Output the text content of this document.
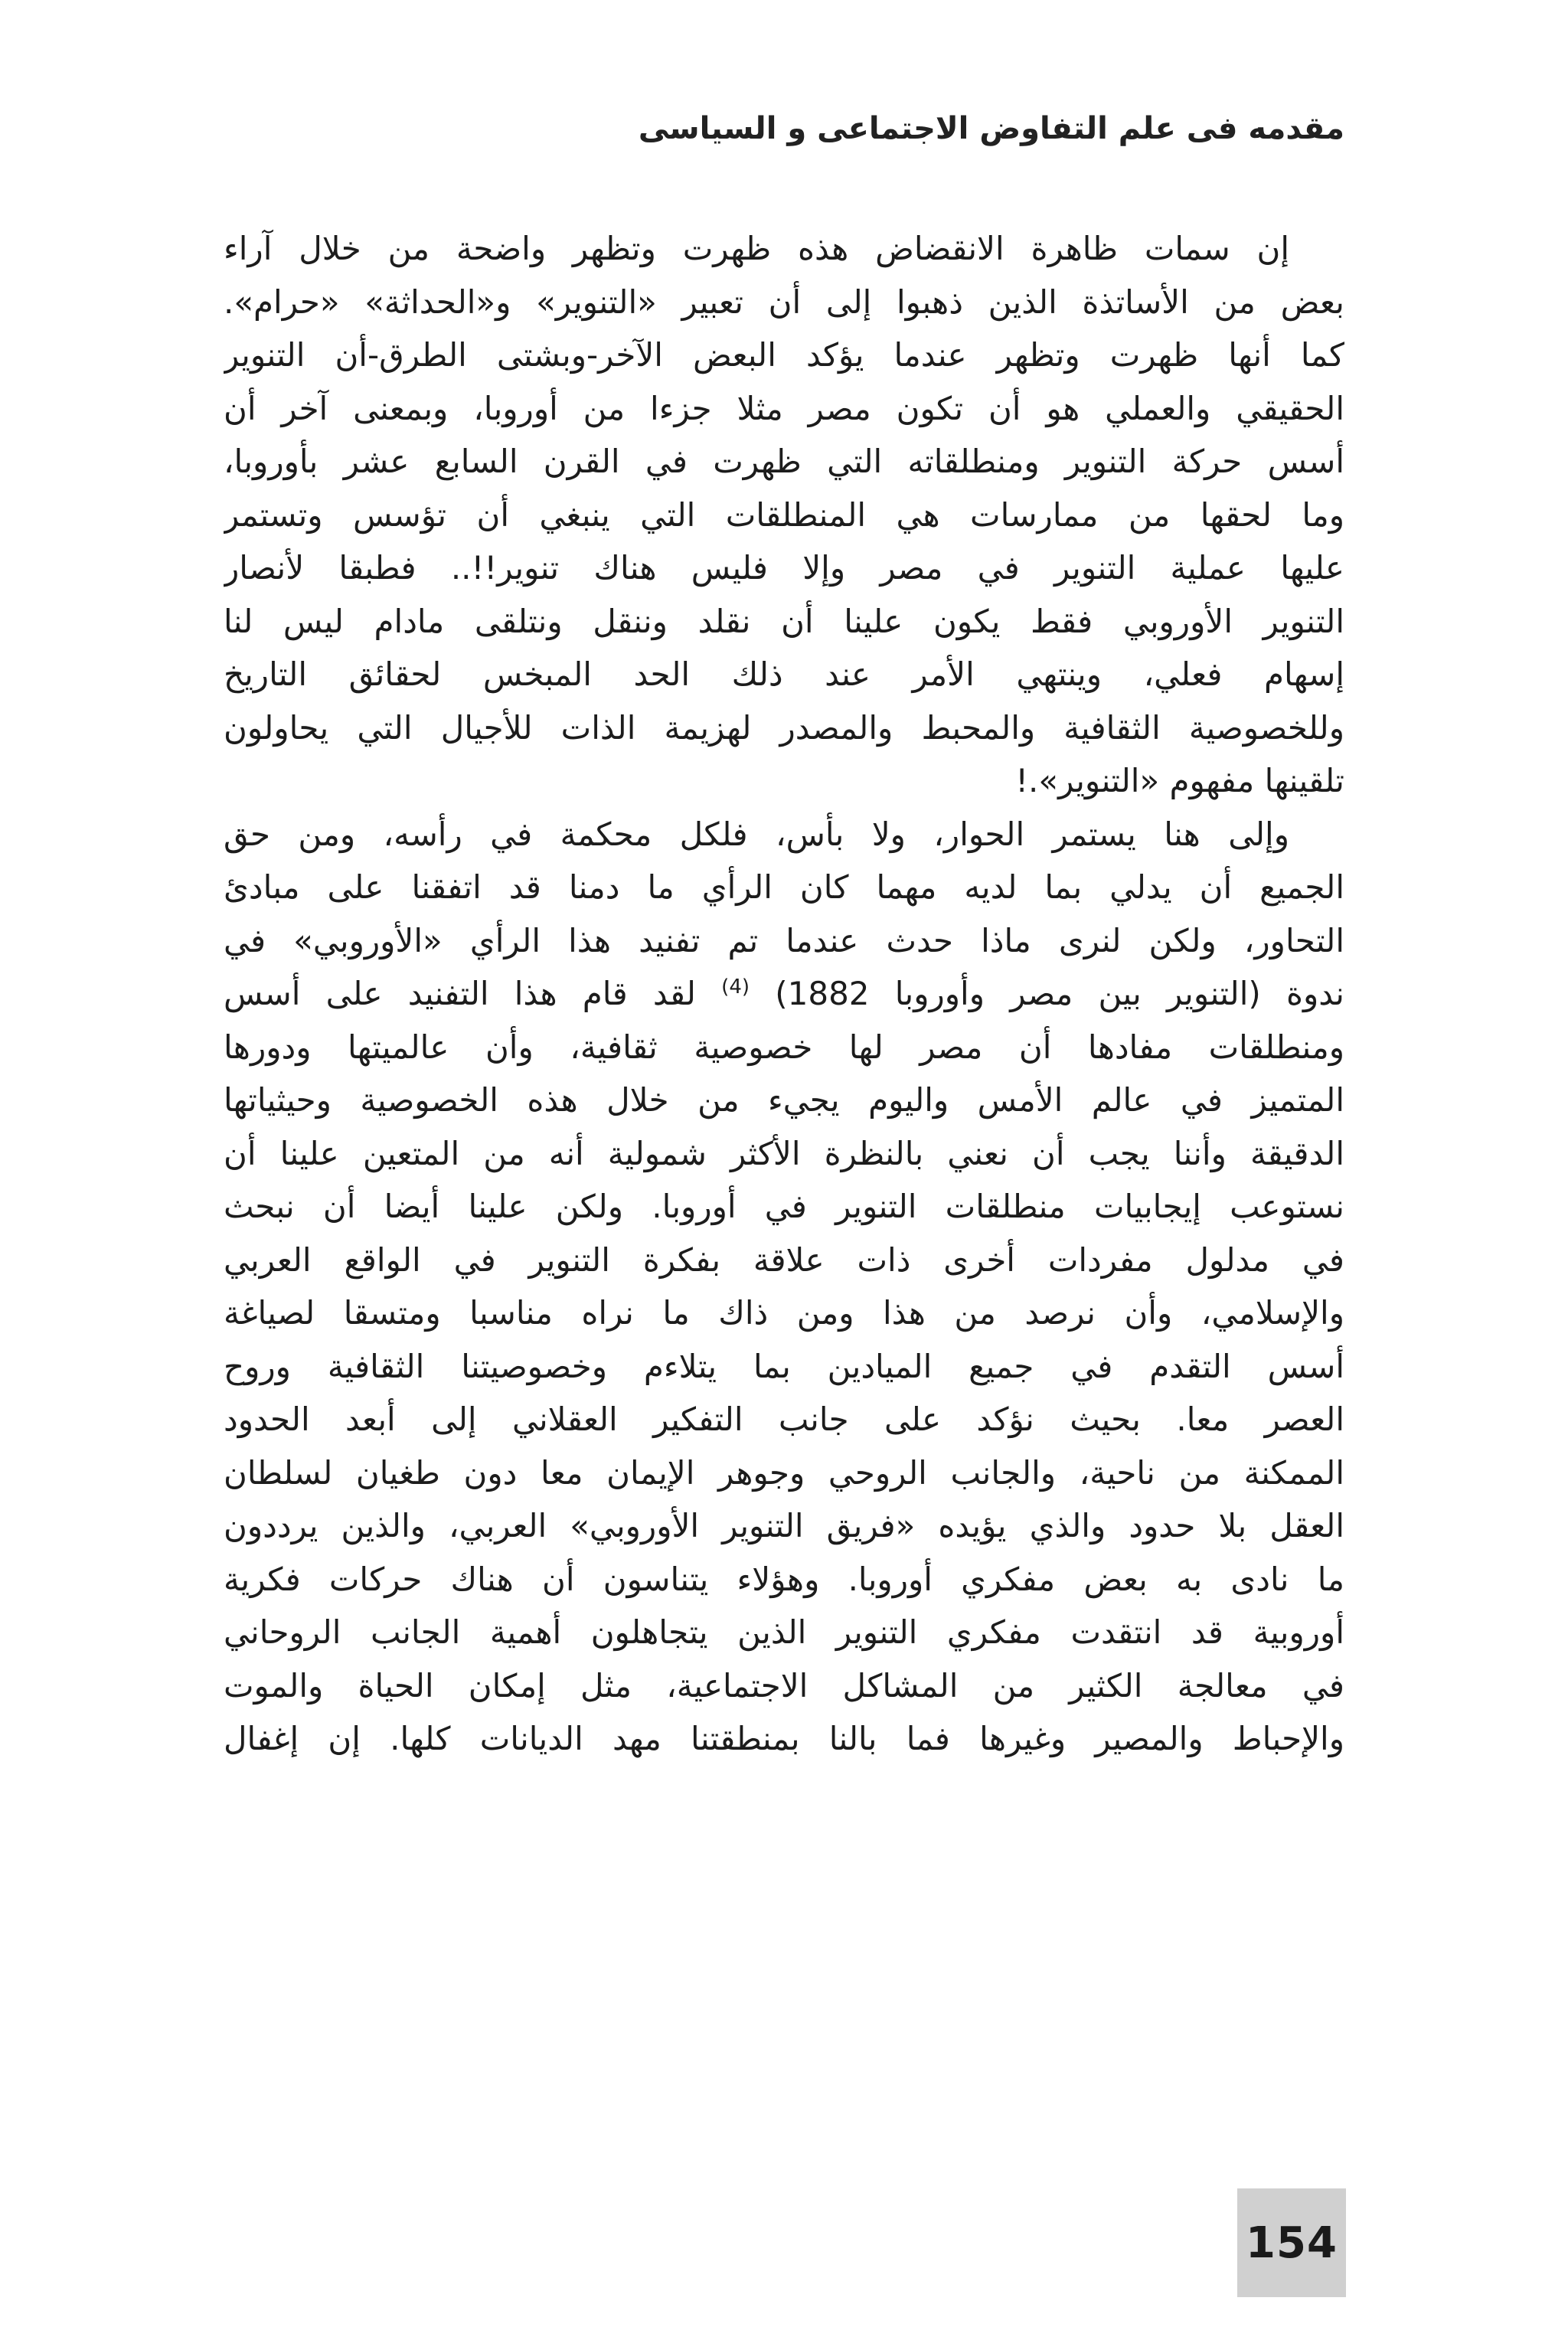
مقدمه فى علم التفاوض الاجتماعى و السياسى
إن سمات ظاهرة الانقضاض هذه ظهرت وتظهر واضحة من خلال آراء
بعض من الأساتذة الذين ذهبوا إلى أن تعبير «التنوير» و«الحداثة» «حرام».
كما أنها ظهرت وتظهر عندما يؤكد البعض الآخر-وبشتى الطرق-أن التنوير
الحقيقي والعملي هو أن تكون مصر مثلا جزءا من أوروبا، وبمعنى آخر أن
أسس حركة التنوير ومنطلقاته التي ظهرت في القرن السابع عشر بأوروبا،
وما لحقها من ممارسات هي المنطلقات التي ينبغي أن تؤسس وتستمر
عليها عملية التنوير في مصر وإلا فليس هناك تنوير!!.. فطبقا لأنصار
التنوير الأوروبي فقط يكون علينا أن نقلد وننقل ونتلقى مادام ليس لنا
إسهام فعلي، وينتهي الأمر عند ذلك الحد المبخس لحقائق التاريخ
وللخصوصية الثقافية والمحبط والمصدر لهزيمة الذات للأجيال التي يحاولون
تلقينها مفهوم «التنوير».!
وإلى هنا يستمر الحوار، ولا بأس، فلكل محكمة في رأسه، ومن حق
الجميع أن يدلي بما لديه مهما كان الرأي ما دمنا قد اتفقنا على مبادئ
التحاور، ولكن لنرى ماذا حدث عندما تم تفنيد هذا الرأي «الأوروبي» في
ندوة (التنوير بين مصر وأوروبا 1882) $^{(4)}$ لقد قام هذا التفنيد على أسس
ومنطلقات مفادها أن مصر لها خصوصية ثقافية، وأن عالميتها ودورها
المتميز في عالم الأمس واليوم يجيء من خلال هذه الخصوصية وحيثياتها
الدقيقة وأننا يجب أن نعني بالنظرة الأكثر شمولية أنه من المتعين علينا أن
نستوعب إيجابيات منطلقات التنوير في أوروبا. ولكن علينا أيضا أن نبحث
في مدلول مفردات أخرى ذات علاقة بفكرة التنوير في الواقع العربي
والإسلامي، وأن نرصد من هذا ومن ذاك ما نراه مناسبا ومتسقا لصياغة
أسس التقدم في جميع الميادين بما يتلاءم وخصوصيتنا الثقافية وروح
العصر معا. بحيث نؤكد على جانب التفكير العقلاني إلى أبعد الحدود
الممكنة من ناحية، والجانب الروحي وجوهر الإيمان معا دون طغيان لسلطان
العقل بلا حدود والذي يؤيده «فريق التنوير الأوروبي» العربي، والذين يرددون
ما نادى به بعض مفكري أوروبا. وهؤلاء يتناسون أن هناك حركات فكرية
أوروبية قد انتقدت مفكري التنوير الذين يتجاهلون أهمية الجانب الروحاني
في معالجة الكثير من المشاكل الاجتماعية، مثل إمكان الحياة والموت
والإحباط والمصير وغيرها فما بالنا بمنطقتنا مهد الديانات كلها. إن إغفال
154
